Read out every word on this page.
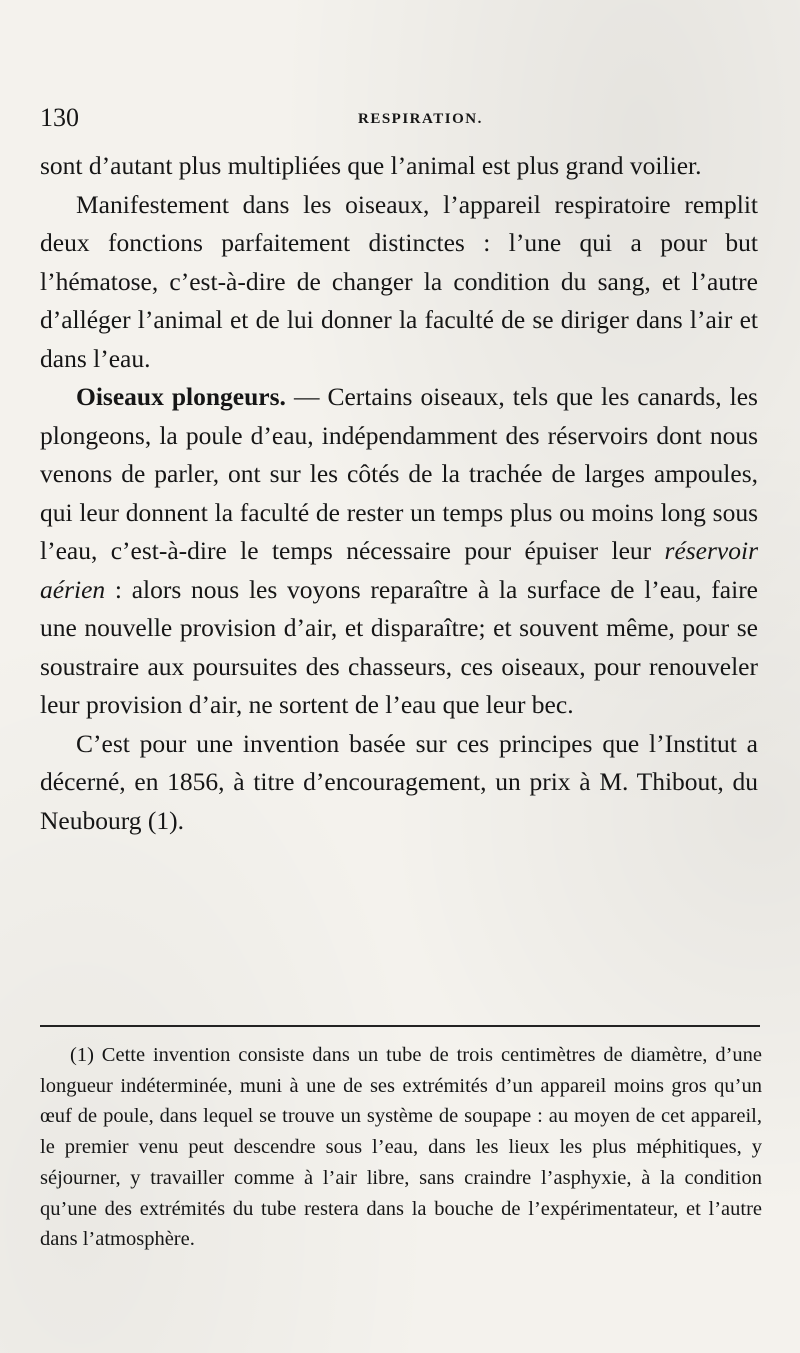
130	RESPIRATION.

sont d’autant plus multipliées que l’animal est plus grand voilier.

Manifestement dans les oiseaux, l’appareil respiratoire remplit deux fonctions parfaitement distinctes : l’une qui a pour but l’hématose, c’est-à-dire de changer la condition du sang, et l’autre d’alléger l’animal et de lui donner la faculté de se diriger dans l’air et dans l’eau.

Oiseaux plongeurs. — Certains oiseaux, tels que les canards, les plongeons, la poule d’eau, indépendamment des réservoirs dont nous venons de parler, ont sur les côtés de la trachée de larges ampoules, qui leur donnent la faculté de rester un temps plus ou moins long sous l’eau, c’est-à-dire le temps nécessaire pour épuiser leur réservoir aérien : alors nous les voyons reparaître à la surface de l’eau, faire une nouvelle provision d’air, et disparaître; et souvent même, pour se soustraire aux poursuites des chasseurs, ces oiseaux, pour renouveler leur provision d’air, ne sortent de l’eau que leur bec.

C’est pour une invention basée sur ces principes que l’Institut a décerné, en 1856, à titre d’encouragement, un prix à M. Thibout, du Neubourg (1).

(1) Cette invention consiste dans un tube de trois centimètres de diamètre, d’une longueur indéterminée, muni à une de ses extrémités d’un appareil moins gros qu’un œuf de poule, dans lequel se trouve un système de soupape : au moyen de cet appareil, le premier venu peut descendre sous l’eau, dans les lieux les plus méphitiques, y séjourner, y travailler comme à l’air libre, sans craindre l’asphyxie, à la condition qu’une des extrémités du tube restera dans la bouche de l’expérimentateur, et l’autre dans l’atmosphère.
